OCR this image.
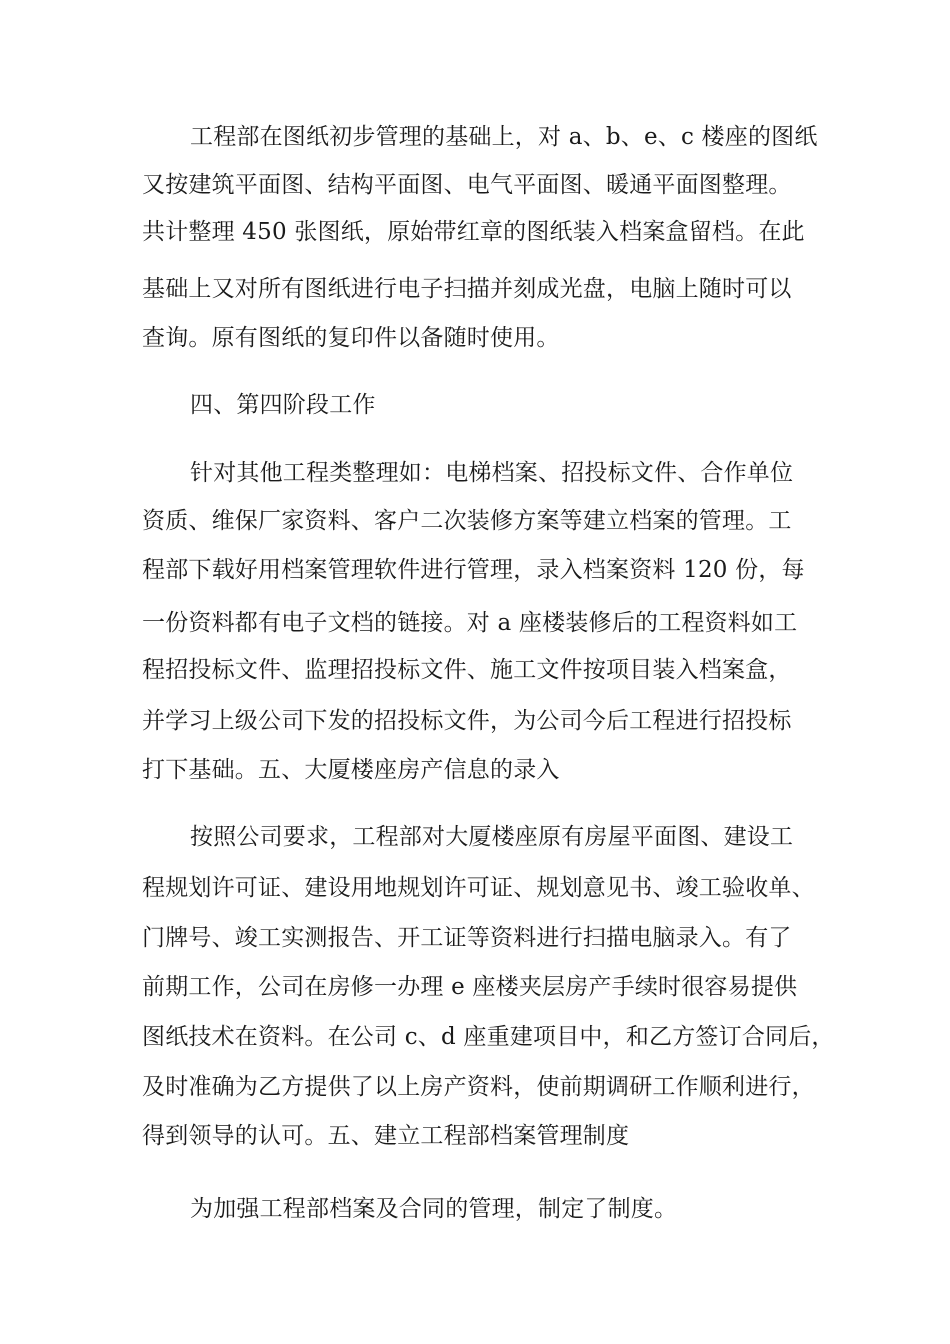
工程部在图纸初步管理的基础上，对 a、b、e、c 楼座的图纸
又按建筑平面图、结构平面图、电气平面图、暖通平面图整理。
共计整理 450 张图纸，原始带红章的图纸装入档案盒留档。在此
基础上又对所有图纸进行电子扫描并刻成光盘，电脑上随时可以
查询。原有图纸的复印件以备随时使用。
四、第四阶段工作
针对其他工程类整理如：电梯档案、招投标文件、合作单位
资质、维保厂家资料、客户二次装修方案等建立档案的管理。工
程部下载好用档案管理软件进行管理，录入档案资料 120 份，每
一份资料都有电子文档的链接。对 a 座楼装修后的工程资料如工
程招投标文件、监理招投标文件、施工文件按项目装入档案盒，
并学习上级公司下发的招投标文件，为公司今后工程进行招投标
打下基础。五、大厦楼座房产信息的录入
按照公司要求，工程部对大厦楼座原有房屋平面图、建设工
程规划许可证、建设用地规划许可证、规划意见书、竣工验收单、
门牌号、竣工实测报告、开工证等资料进行扫描电脑录入。有了
前期工作，公司在房修一办理 e 座楼夹层房产手续时很容易提供
图纸技术在资料。在公司 c、d 座重建项目中，和乙方签订合同后，
及时准确为乙方提供了以上房产资料，使前期调研工作顺利进行，
得到领导的认可。五、建立工程部档案管理制度
为加强工程部档案及合同的管理，制定了制度。
